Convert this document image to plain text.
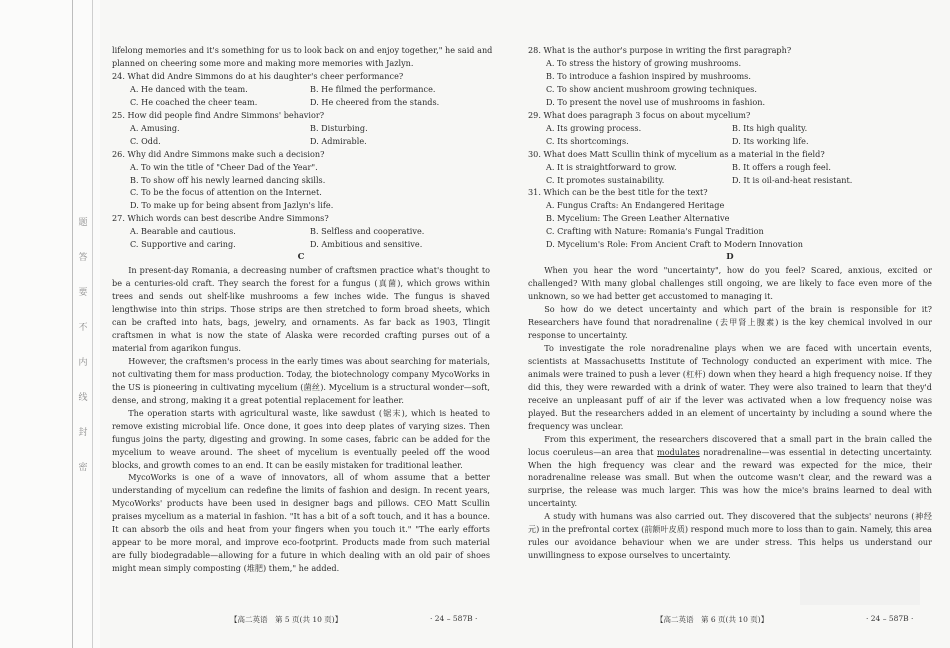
题
答
要
不
内
线
封
密
lifelong memories and it's something for us to look back on and enjoy together," he said and
planned on cheering some more and making more memories with Jazlyn.
24. What did Andre Simmons do at his daughter's cheer performance?
A. He danced with the team.	B. He filmed the performance.
C. He coached the cheer team.	D. He cheered from the stands.
25. How did people find Andre Simmons' behavior?
A. Amusing.	B. Disturbing.
C. Odd.	D. Admirable.
26. Why did Andre Simmons make such a decision?
A. To win the title of "Cheer Dad of the Year".
B. To show off his newly learned dancing skills.
C. To be the focus of attention on the Internet.
D. To make up for being absent from Jazlyn's life.
27. Which words can best describe Andre Simmons?
A. Bearable and cautious.	B. Selfless and cooperative.
C. Supportive and caring.	D. Ambitious and sensitive.
C

In present-day Romania, a decreasing number of craftsmen practice what's thought to be a centuries-old craft. They search the forest for a fungus (真菌), which grows within trees and sends out shelf-like mushrooms a few inches wide. The fungus is shaved lengthwise into thin strips. Those strips are then stretched to form broad sheets, which can be crafted into hats, bags, jewelry, and ornaments. As far back as 1903, Tlingit craftsmen in what is now the state of Alaska were recorded crafting purses out of a material from agarikon fungus.

However, the craftsmen's process in the early times was about searching for materials, not cultivating them for mass production. Today, the biotechnology company MycoWorks in the US is pioneering in cultivating mycelium (菌丝). Mycelium is a structural wonder—soft, dense, and strong, making it a great potential replacement for leather.

The operation starts with agricultural waste, like sawdust (锯末), which is heated to remove existing microbial life. Once done, it goes into deep plates of varying sizes. Then fungus joins the party, digesting and growing. In some cases, fabric can be added for the mycelium to weave around. The sheet of mycelium is eventually peeled off the wood blocks, and growth comes to an end. It can be easily mistaken for traditional leather.

MycoWorks is one of a wave of innovators, all of whom assume that a better understanding of mycelium can redefine the limits of fashion and design. In recent years, MycoWorks' products have been used in designer bags and pillows. CEO Matt Scullin praises mycelium as a material in fashion. "It has a bit of a soft touch, and it has a bounce. It can absorb the oils and heat from your fingers when you touch it." "The early efforts appear to be more moral, and improve eco-footprint. Products made from such material are fully biodegradable—allowing for a future in which dealing with an old pair of shoes might mean simply composting (堆肥) them," he added.

【高二英语　第 5 页(共 10 页)】	· 24 – 587B ·
28. What is the author's purpose in writing the first paragraph?
A. To stress the history of growing mushrooms.
B. To introduce a fashion inspired by mushrooms.
C. To show ancient mushroom growing techniques.
D. To present the novel use of mushrooms in fashion.
29. What does paragraph 3 focus on about mycelium?
A. Its growing process.	B. Its high quality.
C. Its shortcomings.	D. Its working life.
30. What does Matt Scullin think of mycelium as a material in the field?
A. It is straightforward to grow.	B. It offers a rough feel.
C. It promotes sustainability.	D. It is oil-and-heat resistant.
31. Which can be the best title for the text?
A. Fungus Crafts: An Endangered Heritage
B. Mycelium: The Green Leather Alternative
C. Crafting with Nature: Romania's Fungal Tradition
D. Mycelium's Role: From Ancient Craft to Modern Innovation
D

When you hear the word "uncertainty", how do you feel? Scared, anxious, excited or challenged? With many global challenges still ongoing, we are likely to face even more of the unknown, so we had better get accustomed to managing it.

So how do we detect uncertainty and which part of the brain is responsible for it? Researchers have found that noradrenaline (去甲肾上腺素) is the key chemical involved in our response to uncertainty.

To investigate the role noradrenaline plays when we are faced with uncertain events, scientists at Massachusetts Institute of Technology conducted an experiment with mice. The animals were trained to push a lever (杠杆) down when they heard a high frequency noise. If they did this, they were rewarded with a drink of water. They were also trained to learn that they'd receive an unpleasant puff of air if the lever was activated when a low frequency noise was played. But the researchers added in an element of uncertainty by including a sound where the frequency was unclear.

From this experiment, the researchers discovered that a small part in the brain called the locus coeruleus—an area that modulates noradrenaline—was essential in detecting uncertainty. When the high frequency was clear and the reward was expected for the mice, their noradrenaline release was small. But when the outcome wasn't clear, and the reward was a surprise, the release was much larger. This was how the mice's brains learned to deal with uncertainty.

A study with humans was also carried out. They discovered that the subjects' neurons (神经元) in the prefrontal cortex (前额叶皮质) respond much more to loss than to gain. Namely, this area rules our avoidance behaviour when we are under stress. This helps us understand our unwillingness to expose ourselves to uncertainty.

【高二英语　第 6 页(共 10 页)】	· 24 – 587B ·
